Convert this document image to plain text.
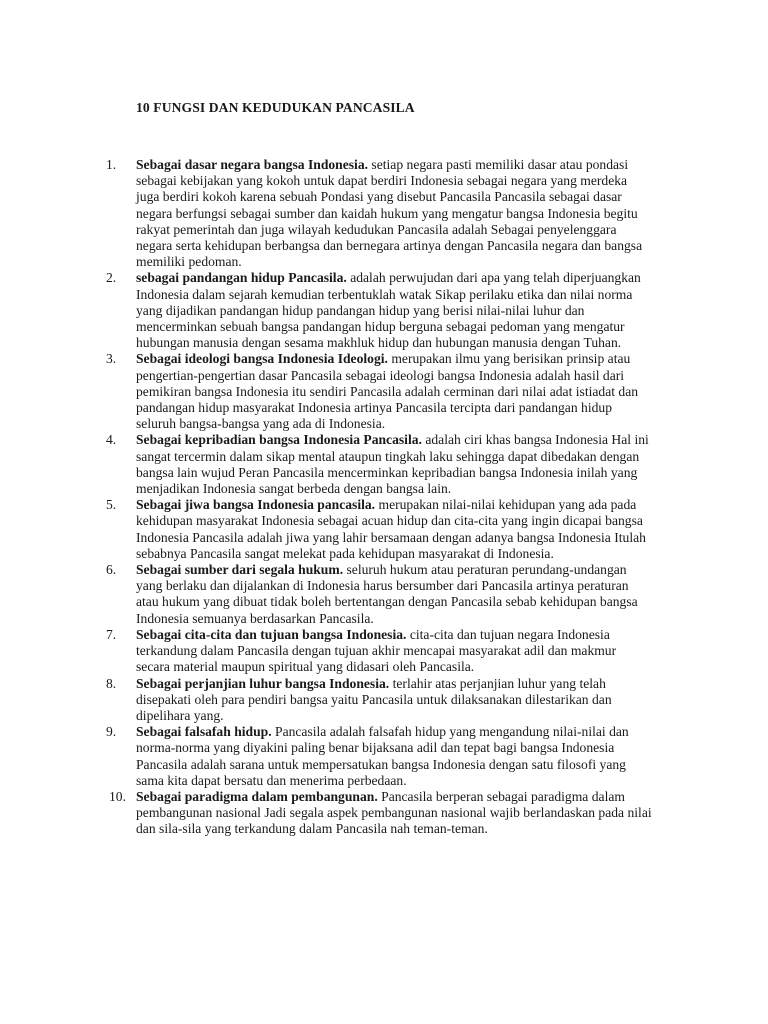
10 FUNGSI DAN KEDUDUKAN PANCASILA
1.	Sebagai dasar negara bangsa Indonesia. setiap negara pasti memiliki dasar atau pondasi sebagai kebijakan yang kokoh untuk dapat berdiri Indonesia sebagai negara yang merdeka juga berdiri kokoh karena sebuah Pondasi yang disebut Pancasila Pancasila sebagai dasar negara berfungsi sebagai sumber dan kaidah hukum yang mengatur bangsa Indonesia begitu rakyat pemerintah dan juga wilayah kedudukan Pancasila adalah Sebagai penyelenggara negara serta kehidupan berbangsa dan bernegara artinya dengan Pancasila negara dan bangsa memiliki pedoman.
2.	sebagai pandangan hidup Pancasila. adalah perwujudan dari apa yang telah diperjuangkan Indonesia dalam sejarah kemudian terbentuklah watak Sikap perilaku etika dan nilai norma yang dijadikan pandangan hidup pandangan hidup yang berisi nilai-nilai luhur dan mencerminkan sebuah bangsa pandangan hidup berguna sebagai pedoman yang mengatur hubungan manusia dengan sesama makhluk hidup dan hubungan manusia dengan Tuhan.
3.	Sebagai ideologi bangsa Indonesia Ideologi. merupakan ilmu yang berisikan prinsip atau pengertian-pengertian dasar Pancasila sebagai ideologi bangsa Indonesia adalah hasil dari pemikiran bangsa Indonesia itu sendiri Pancasila adalah cerminan dari nilai adat istiadat dan pandangan hidup masyarakat Indonesia artinya Pancasila tercipta dari pandangan hidup seluruh bangsa-bangsa yang ada di Indonesia.
4.	Sebagai kepribadian bangsa Indonesia Pancasila. adalah ciri khas bangsa Indonesia Hal ini sangat tercermin dalam sikap mental ataupun tingkah laku sehingga dapat dibedakan dengan bangsa lain wujud Peran Pancasila mencerminkan kepribadian bangsa Indonesia inilah yang menjadikan Indonesia sangat berbeda dengan bangsa lain.
5.	Sebagai jiwa bangsa Indonesia pancasila. merupakan nilai-nilai kehidupan yang ada pada kehidupan masyarakat Indonesia sebagai acuan hidup dan cita-cita yang ingin dicapai bangsa Indonesia Pancasila adalah jiwa yang lahir bersamaan dengan adanya bangsa Indonesia Itulah sebabnya Pancasila sangat melekat pada kehidupan masyarakat di Indonesia.
6.	Sebagai sumber dari segala hukum. seluruh hukum atau peraturan perundang-undangan yang berlaku dan dijalankan di Indonesia harus bersumber dari Pancasila artinya peraturan atau hukum yang dibuat tidak boleh bertentangan dengan Pancasila sebab kehidupan bangsa Indonesia semuanya berdasarkan Pancasila.
7.	Sebagai cita-cita dan tujuan bangsa Indonesia. cita-cita dan tujuan negara Indonesia terkandung dalam Pancasila dengan tujuan akhir mencapai masyarakat adil dan makmur secara material maupun spiritual yang didasari oleh Pancasila.
8.	Sebagai perjanjian luhur bangsa Indonesia. terlahir atas perjanjian luhur yang telah disepakati oleh para pendiri bangsa yaitu Pancasila untuk dilaksanakan dilestarikan dan dipelihara yang.
9.	Sebagai falsafah hidup. Pancasila adalah falsafah hidup yang mengandung nilai-nilai dan norma-norma yang diyakini paling benar bijaksana adil dan tepat bagi bangsa Indonesia Pancasila adalah sarana untuk mempersatukan bangsa Indonesia dengan satu filosofi yang sama kita dapat bersatu dan menerima perbedaan.
10. Sebagai paradigma dalam pembangunan. Pancasila berperan sebagai paradigma dalam pembangunan nasional Jadi segala aspek pembangunan nasional wajib berlandaskan pada nilai dan sila-sila yang terkandung dalam Pancasila nah teman-teman.
